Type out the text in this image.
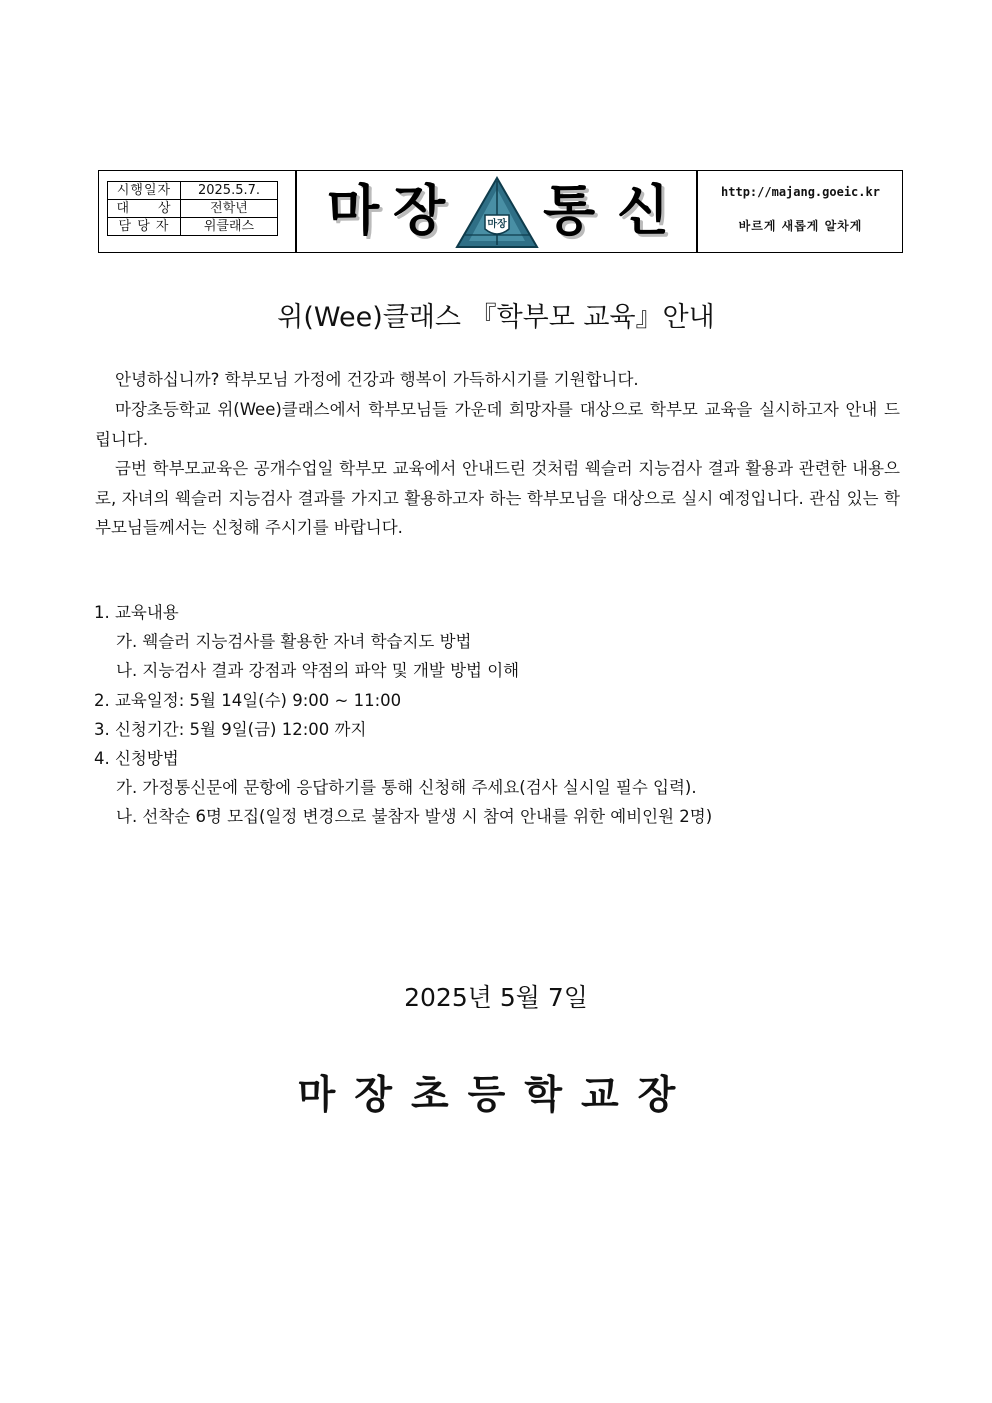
시행일자	2025.5.7.
대　　상	전학년
담 당 자	위클래스 마 장	마장 통 신	http://majang.goeic.kr
바르게 새롭게 알차게
위(Wee)클래스 『학부모 교육』안내

안녕하십니까? 학부모님 가정에 건강과 행복이 가득하시기를 기원합니다.

마장초등학교 위(Wee)클래스에서 학부모님들 가운데 희망자를 대상으로 학부모 교육을 실시하고자 안내 드립니다.

금번 학부모교육은 공개수업일 학부모 교육에서 안내드린 것처럼 웩슬러 지능검사 결과 활용과 관련한 내용으로, 자녀의 웩슬러 지능검사 결과를 가지고 활용하고자 하는 학부모님을 대상으로 실시 예정입니다. 관심 있는 학부모님들께서는 신청해 주시기를 바랍니다.

1. 교육내용
가. 웩슬러 지능검사를 활용한 자녀 학습지도 방법
나. 지능검사 결과 강점과 약점의 파악 및 개발 방법 이해
2. 교육일정: 5월 14일(수) 9:00 ~ 11:00
3. 신청기간: 5월 9일(금) 12:00 까지
4. 신청방법
가. 가정통신문에 문항에 응답하기를 통해 신청해 주세요(검사 실시일 필수 입력).
나. 선착순 6명 모집(일정 변경으로 불참자 발생 시 참여 안내를 위한 예비인원 2명)
2025년 5월 7일
마장초등학교장
